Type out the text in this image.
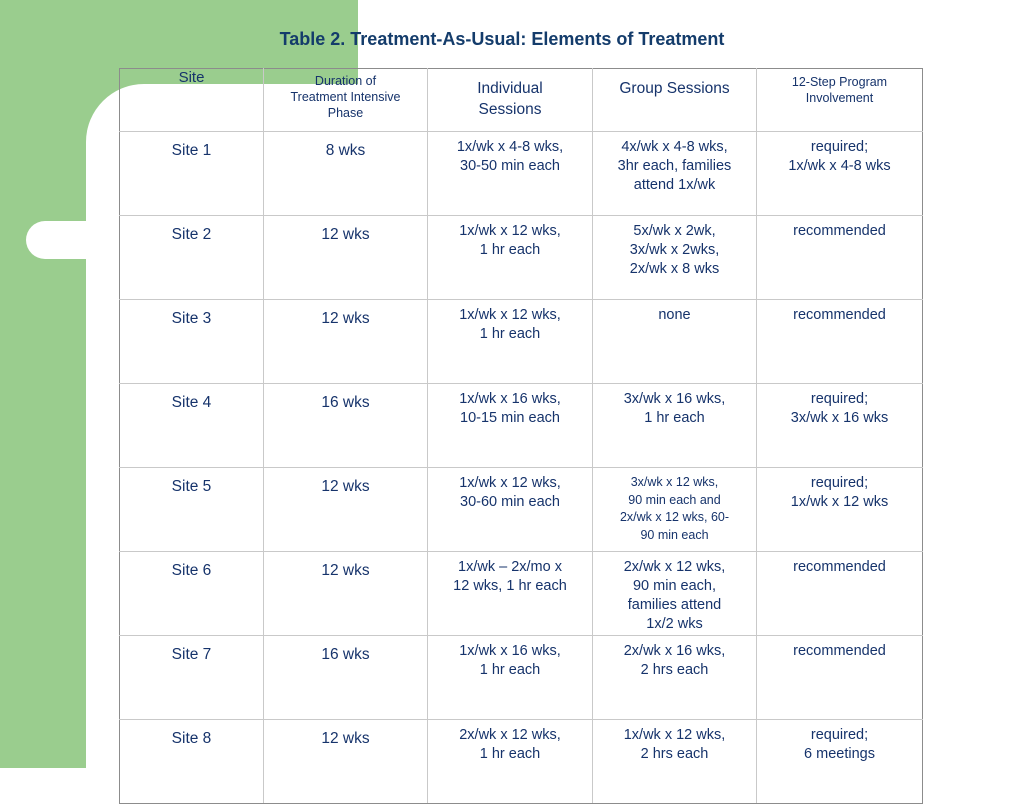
Table 2. Treatment-As-Usual: Elements of Treatment
Site	Duration of
Treatment Intensive
Phase	Individual
Sessions	Group Sessions	12-Step Program
Involvement
Site 1	8 wks	1x/wk x 4-8 wks,
30-50 min each	4x/wk x 4-8 wks,
3hr each, families
attend 1x/wk	required;
1x/wk x 4-8 wks
Site 2	12 wks	1x/wk x 12 wks,
1 hr each	5x/wk x 2wk,
3x/wk x 2wks,
2x/wk x 8 wks	recommended
Site 3	12 wks	1x/wk x 12 wks,
1 hr each	none	recommended
Site 4	16 wks	1x/wk x 16 wks,
10-15 min each	3x/wk x 16 wks,
1 hr each	required;
3x/wk x 16 wks
Site 5	12 wks	1x/wk x 12 wks,
30-60 min each	3x/wk x 12 wks,
90 min each and
2x/wk x 12 wks, 60-
90 min each	required;
1x/wk x 12 wks
Site 6	12 wks	1x/wk – 2x/mo x
12 wks, 1 hr each	2x/wk x 12 wks,
90 min each,
families attend
1x/2 wks	recommended
Site 7	16 wks	1x/wk x 16 wks,
1 hr each	2x/wk x 16 wks,
2 hrs each	recommended
Site 8	12 wks	2x/wk x 12 wks,
1 hr each	1x/wk x 12 wks,
2 hrs each	required;
6 meetings
